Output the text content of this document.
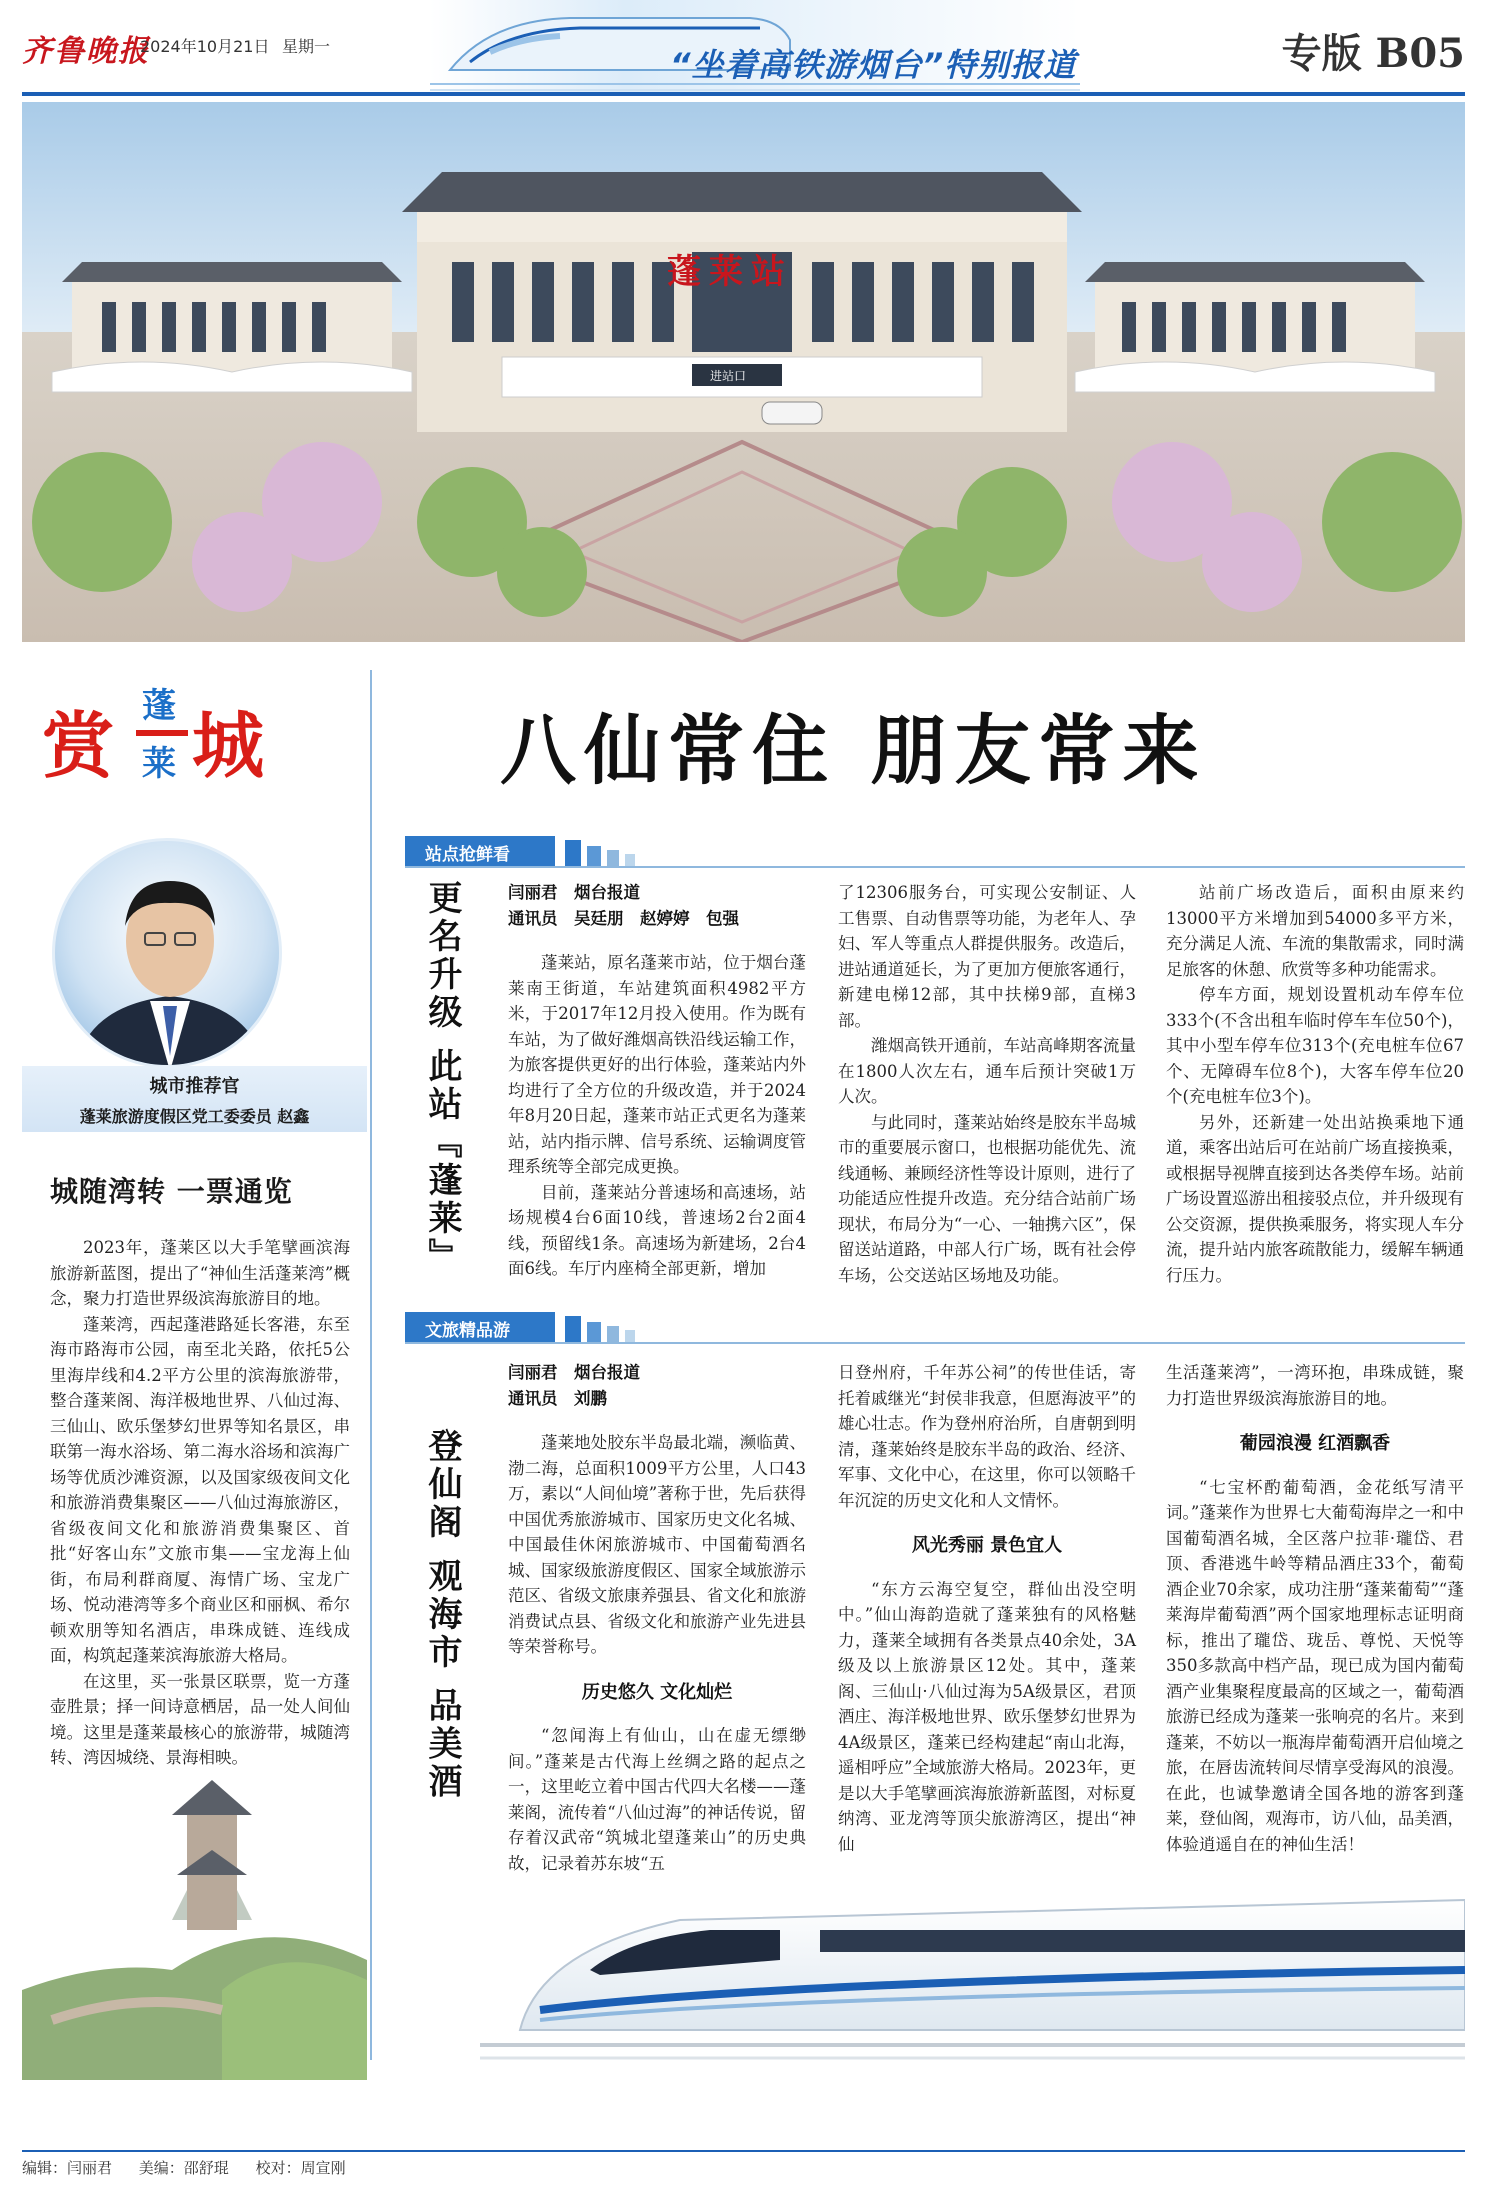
齐鲁晚报
2024年10月21日 星期一	“坐着高铁游烟台”特别报道	专版 B05
蓬莱站
进站口
赏 蓬
莱 城
城市推荐官
蓬莱旅游度假区党工委委员 赵鑫
城随湾转 一票通览

2023年，蓬莱区以大手笔擘画滨海旅游新蓝图，提出了“神仙生活蓬莱湾”概念，聚力打造世界级滨海旅游目的地。

蓬莱湾，西起蓬港路延长客港，东至海市路海市公园，南至北关路，依托5公里海岸线和4.2平方公里的滨海旅游带，整合蓬莱阁、海洋极地世界、八仙过海、三仙山、欧乐堡梦幻世界等知名景区，串联第一海水浴场、第二海水浴场和滨海广场等优质沙滩资源，以及国家级夜间文化和旅游消费集聚区——八仙过海旅游区，省级夜间文化和旅游消费集聚区、首批“好客山东”文旅市集——宝龙海上仙街，布局利群商厦、海情广场、宝龙广场、悦动港湾等多个商业区和丽枫、希尔顿欢朋等知名酒店，串珠成链、连线成面，构筑起蓬莱滨海旅游大格局。

在这里，买一张景区联票，览一方蓬壶胜景；择一间诗意栖居，品一处人间仙境。这里是蓬莱最核心的旅游带，城随湾转、湾因城绕、景海相映。

八仙常住 朋友常来
站点抢鲜看
更名升级 此站『蓬莱』	闫丽君　烟台报道
通讯员　吴廷朋　赵婷婷　包强

蓬莱站，原名蓬莱市站，位于烟台蓬莱南王街道，车站建筑面积4982平方米，于2017年12月投入使用。作为既有车站，为了做好潍烟高铁沿线运输工作，为旅客提供更好的出行体验，蓬莱站内外均进行了全方位的升级改造，并于2024年8月20日起，蓬莱市站正式更名为蓬莱站，站内指示牌、信号系统、运输调度管理系统等全部完成更换。

目前，蓬莱站分普速场和高速场，站场规模4台6面10线，普速场2台2面4线，预留线1条。高速场为新建场，2台4面6线。车厅内座椅全部更新，增加

了12306服务台，可实现公安制证、人工售票、自动售票等功能，为老年人、孕妇、军人等重点人群提供服务。改造后，进站通道延长，为了更加方便旅客通行，新建电梯12部，其中扶梯9部，直梯3部。

潍烟高铁开通前，车站高峰期客流量在1800人次左右，通车后预计突破1万人次。

与此同时，蓬莱站始终是胶东半岛城市的重要展示窗口，也根据功能优先、流线通畅、兼顾经济性等设计原则，进行了功能适应性提升改造。充分结合站前广场现状，布局分为“一心、一轴携六区”，保留送站道路，中部人行广场，既有社会停车场，公交送站区场地及功能。

站前广场改造后，面积由原来约13000平方米增加到54000多平方米，充分满足人流、车流的集散需求，同时满足旅客的休憩、欣赏等多种功能需求。

停车方面，规划设置机动车停车位333个(不含出租车临时停车车位50个)，其中小型车停车位313个(充电桩车位67个、无障碍车位8个)，大客车停车位20个(充电桩车位3个)。

另外，还新建一处出站换乘地下通道，乘客出站后可在站前广场直接换乘，或根据导视牌直接到达各类停车场。站前广场设置巡游出租接驳点位，并升级现有公交资源，提供换乘服务，将实现人车分流，提升站内旅客疏散能力，缓解车辆通行压力。

文旅精品游
登仙阁 观海市 品美酒
闫丽君　烟台报道
通讯员　刘鹏

蓬莱地处胶东半岛最北端，濒临黄、渤二海，总面积1009平方公里，人口43万，素以“人间仙境”著称于世，先后获得中国优秀旅游城市、国家历史文化名城、中国最佳休闲旅游城市、中国葡萄酒名城、国家级旅游度假区、国家全域旅游示范区、省级文旅康养强县、省文化和旅游消费试点县、省级文化和旅游产业先进县等荣誉称号。

历史悠久 文化灿烂

“忽闻海上有仙山，山在虚无缥缈间。”蓬莱是古代海上丝绸之路的起点之一，这里屹立着中国古代四大名楼——蓬莱阁，流传着“八仙过海”的神话传说，留存着汉武帝“筑城北望蓬莱山”的历史典故，记录着苏东坡“五

日登州府，千年苏公祠”的传世佳话，寄托着戚继光“封侯非我意，但愿海波平”的雄心壮志。作为登州府治所，自唐朝到明清，蓬莱始终是胶东半岛的政治、经济、军事、文化中心，在这里，你可以领略千年沉淀的历史文化和人文情怀。

风光秀丽 景色宜人

“东方云海空复空，群仙出没空明中。”仙山海韵造就了蓬莱独有的风格魅力，蓬莱全域拥有各类景点40余处，3A级及以上旅游景区12处。其中，蓬莱阁、三仙山·八仙过海为5A级景区，君顶酒庄、海洋极地世界、欧乐堡梦幻世界为4A级景区，蓬莱已经构建起“南山北海，遥相呼应”全域旅游大格局。2023年，更是以大手笔擘画滨海旅游新蓝图，对标夏纳湾、亚龙湾等顶尖旅游湾区，提出“神仙

生活蓬莱湾”，一湾环抱，串珠成链，聚力打造世界级滨海旅游目的地。

葡园浪漫 红酒飘香

“七宝杯酌葡萄酒，金花纸写清平词。”蓬莱作为世界七大葡萄海岸之一和中国葡萄酒名城，全区落户拉菲·瓏岱、君顶、香港逃牛岭等精品酒庄33个，葡萄酒企业70余家，成功注册“蓬莱葡萄”“蓬莱海岸葡萄酒”两个国家地理标志证明商标，推出了瓏岱、珑岳、尊悦、天悦等350多款高中档产品，现已成为国内葡萄酒产业集聚程度最高的区域之一，葡萄酒旅游已经成为蓬莱一张响亮的名片。来到蓬莱，不妨以一瓶海岸葡萄酒开启仙境之旅，在唇齿流转间尽情享受海风的浪漫。在此，也诚挚邀请全国各地的游客到蓬莱，登仙阁，观海市，访八仙，品美酒，体验逍遥自在的神仙生活！

编辑：闫丽君 美编：邵舒琨 校对：周宣刚
